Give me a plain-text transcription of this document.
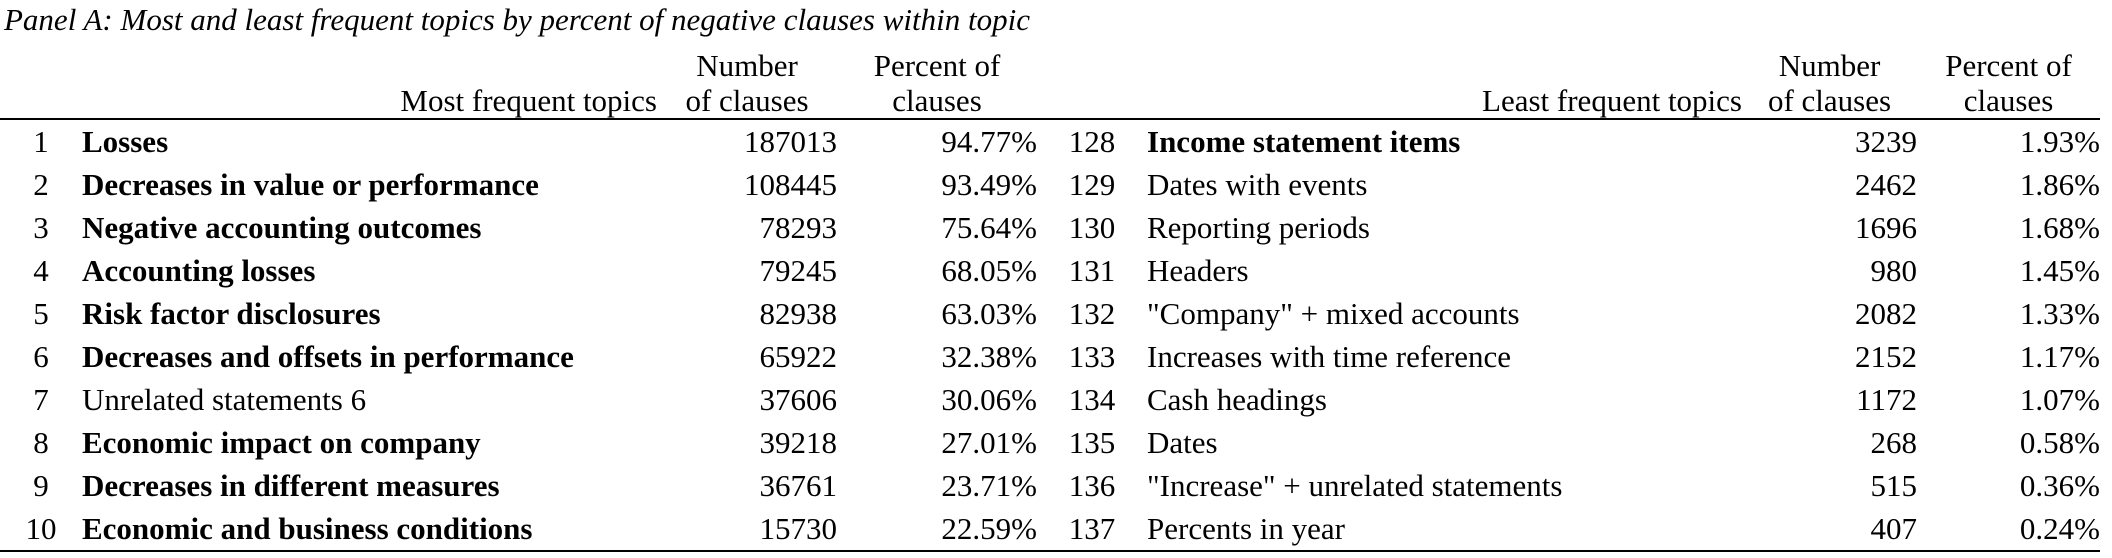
Panel A: Most and least frequent topics by percent of negative clauses within topic
	Most frequent topics	Number
of clauses	Percent of
clauses		Least frequent topics	Number
of clauses	Percent of
clauses
1	Losses	187013	94.77%	128	Income statement items	3239	1.93%
2	Decreases in value or performance	108445	93.49%	129	Dates with events	2462	1.86%
3	Negative accounting outcomes	78293	75.64%	130	Reporting periods	1696	1.68%
4	Accounting losses	79245	68.05%	131	Headers	980	1.45%
5	Risk factor disclosures	82938	63.03%	132	"Company" + mixed accounts	2082	1.33%
6	Decreases and offsets in performance	65922	32.38%	133	Increases with time reference	2152	1.17%
7	Unrelated statements 6	37606	30.06%	134	Cash headings	1172	1.07%
8	Economic impact on company	39218	27.01%	135	Dates	268	0.58%
9	Decreases in different measures	36761	23.71%	136	"Increase" + unrelated statements	515	0.36%
10	Economic and business conditions	15730	22.59%	137	Percents in year	407	0.24%
